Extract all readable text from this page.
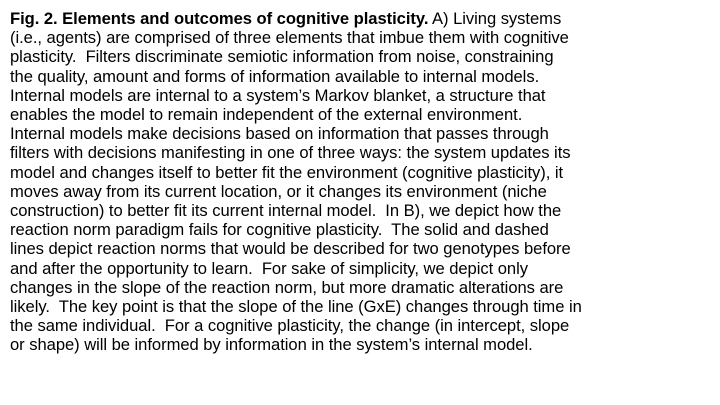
Fig. 2. Elements and outcomes of cognitive plasticity. A) Living systems
(i.e., agents) are comprised of three elements that imbue them with cognitive
plasticity.  Filters discriminate semiotic information from noise, constraining
the quality, amount and forms of information available to internal models.
Internal models are internal to a system’s Markov blanket, a structure that
enables the model to remain independent of the external environment.
Internal models make decisions based on information that passes through
filters with decisions manifesting in one of three ways: the system updates its
model and changes itself to better fit the environment (cognitive plasticity), it
moves away from its current location, or it changes its environment (niche
construction) to better fit its current internal model.  In B), we depict how the
reaction norm paradigm fails for cognitive plasticity.  The solid and dashed
lines depict reaction norms that would be described for two genotypes before
and after the opportunity to learn.  For sake of simplicity, we depict only
changes in the slope of the reaction norm, but more dramatic alterations are
likely.  The key point is that the slope of the line (GxE) changes through time in
the same individual.  For a cognitive plasticity, the change (in intercept, slope
or shape) will be informed by information in the system’s internal model.
